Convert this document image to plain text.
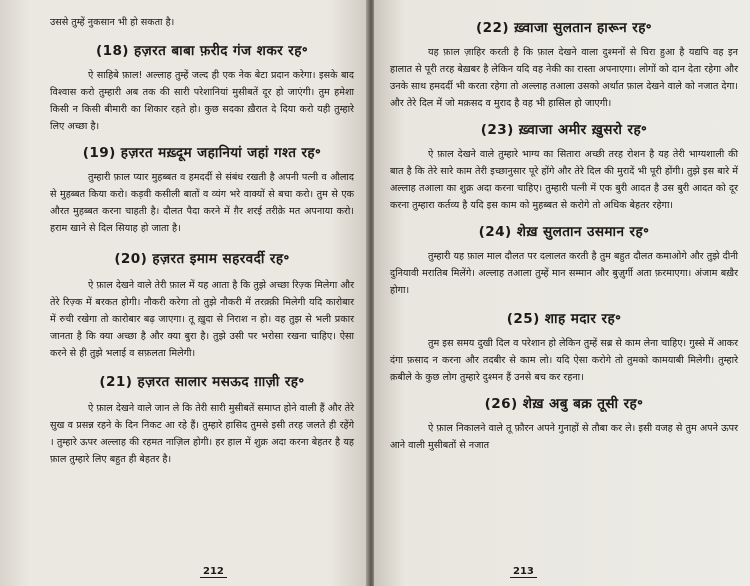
उससे तुम्हें नुकसान भी हो सकता है।

(18) हज़रत बाबा फ़रीद गंज शकर रह॰

ऐ साहिबे फ़ाल! अल्लाह तुम्हें जल्द ही एक नेक बेटा प्रदान करेगा। इसके बाद विश्वास करो तुम्हारी अब तक की सारी परेशानियां मुसीबतें दूर हो जाएंगी। तुम हमेशा किसी न किसी बीमारी का शिकार रहते हो। कुछ सदका ख़ैरात दे दिया करो यही तुम्हारे लिए अच्छा है।

(19) हज़रत मख़्दूम जहानियां जहां गश्त रह॰

तुम्हारी फ़ाल प्यार मुहब्बत व हमदर्दी से संबंध रखती है अपनी पत्नी व औलाद से मुहब्बत किया करो। कड़वी कसीली बातों व व्यंग भरे वाक्यों से बचा करो। तुम से एक औरत मुहब्बत करना चाहती है। दौलत पैदा करने में ग़ैर शरई तरीक़े मत अपनाया करो। हराम खाने से दिल सियाह हो जाता है।

(20) हज़रत इमाम सहरवर्दी रह॰

ऐ फ़ाल देखने वाले तेरी फ़ाल में यह आता है कि तुझे अच्छा रिज़्क मिलेगा और तेरे रिज़्क में बरकत होगी। नौकरी करेगा तो तुझे नौकरी में तरक़्क़ी मिलेगी यदि कारोबार में रुची रखेगा तो कारोबार बढ़ जाएगा। तू ख़ुदा से निराश न हो। वह तुझ से भली प्रकार जानता है कि क्या अच्छा है और क्या बुरा है। तुझे उसी पर भरोसा रखना चाहिए। ऐसा करने से ही तुझे भलाई व सफ़लता मिलेगी।

(21) हज़रत सालार मसऊद ग़ाज़ी रह॰

ऐ फ़ाल देखने वाले जान ले कि तेरी सारी मुसीबतें समाप्त होने वाली हैं और तेरे सुख व प्रसन्न रहने के दिन निकट आ रहे हैं। तुम्हारे हासिद तुमसे इसी तरह जलते ही रहेंगे । तुम्हारे ऊपर अल्लाह की रहमत नाज़िल होगी। हर हाल में शुक्र अदा करना बेहतर है यह फ़ाल तुम्हारे लिए बहुत ही बेहतर है।

212
(22) ख़्वाजा सुलतान हारून रह॰

यह फ़ाल ज़ाहिर करती है कि फ़ाल देखने वाला दुश्मनों से घिरा हुआ है यद्यपि वह इन हालात से पूरी तरह बेख़बर है लेकिन यदि वह नेकी का रास्ता अपनाएगा। लोगों को दान देता रहेगा और उनके साथ हमदर्दी भी करता रहेगा तो अल्लाह तआला उसको अर्थात फ़ाल देखने वाले को नजात देगा। और तेरे दिल में जो मक़सद व मुराद है वह भी हासिल हो जाएगी।

(23) ख़्वाजा अमीर ख़ुसरो रह॰

ऐ फ़ाल देखने वाले तुम्हारे भाग्य का सितारा अच्छी तरह रोशन है यह तेरी भाग्यशाली की बात है कि तेरे सारे काम तेरी इच्छानुसार पूरे होंगे और तेरे दिल की मुरादें भी पूरी होंगी। तुझे इस बारे में अल्लाह तआला का शुक्र अदा करना चाहिए। तुम्हारी पत्नी में एक बुरी आदत है उस बुरी आदत को दूर करना तुम्हारा कर्तव्य है यदि इस काम को मुहब्बत से करोगे तो अधिक बेहतर रहेगा।

(24) शेख़ सुलतान उसमान रह॰

तुम्हारी यह फ़ाल माल दौलत पर दलालत करती है तुम बहुत दौलत कमाओगे और तुझे दीनी दुनियावी मरातिब मिलेंगे। अल्लाह तआला तुम्हें मान सम्मान और बुज़ुर्गी अता फ़रमाएगा। अंजाम बख़ैर होगा।

(25) शाह मदार रह॰

तुम इस समय दुखी दिल व परेशान हो लेकिन तुम्हें सब्र से काम लेना चाहिए। गुस्से में आकर दंगा फ़साद न करना और तदबीर से काम लो। यदि ऐसा करोगे तो तुमको कामयाबी मिलेगी। तुम्हारे क़बीले के कुछ लोग तुम्हारे दुश्मन हैं उनसे बच कर रहना।

(26) शेख़ अबु बक्र तूसी रह॰

ऐ फ़ाल निकालने वाले तू फ़ौरन अपने गुनाहों से तौबा कर ले। इसी वजह से तुम अपने ऊपर आने वाली मुसीबतों से नजात

213
